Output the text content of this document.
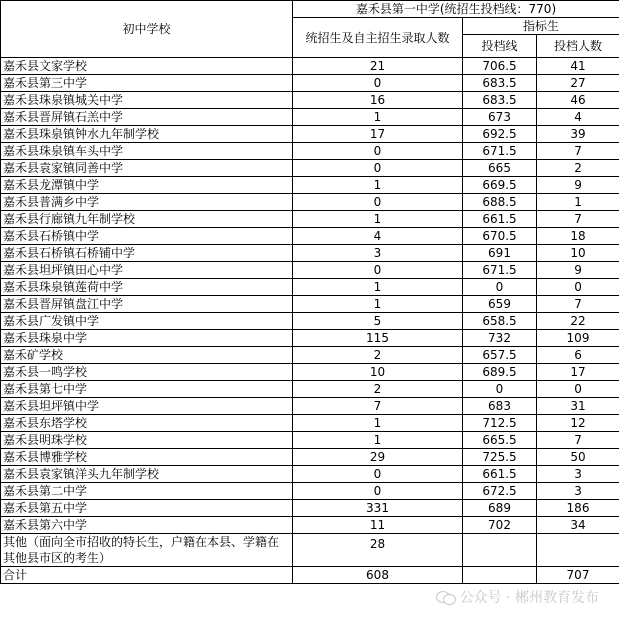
初中学校	嘉禾县第一中学(统招生投档线：770)		
	统招生及自主招生录取人数	指标生	
		投档线	投档人数
嘉禾县文家学校	21	706.5	41
嘉禾县第三中学	0	683.5	27
嘉禾县珠泉镇城关中学	16	683.5	46
嘉禾县晋屏镇石羔中学	1	673	4
嘉禾县珠泉镇钟水九年制学校	17	692.5	39
嘉禾县珠泉镇车头中学	0	671.5	7
嘉禾县袁家镇同善中学	0	665	2
嘉禾县龙潭镇中学	1	669.5	9
嘉禾县普满乡中学	0	688.5	1
嘉禾县行廊镇九年制学校	1	661.5	7
嘉禾县石桥镇中学	4	670.5	18
嘉禾县石桥镇石桥铺中学	3	691	10
嘉禾县坦坪镇田心中学	0	671.5	9
嘉禾县珠泉镇莲荷中学	1	0	0
嘉禾县晋屏镇盘江中学	1	659	7
嘉禾县广发镇中学	5	658.5	22
嘉禾县珠泉中学	115	732	109
嘉禾矿学校	2	657.5	6
嘉禾县一鸣学校	10	689.5	17
嘉禾县第七中学	2	0	0
嘉禾县坦坪镇中学	7	683	31
嘉禾县东塔学校	1	712.5	12
嘉禾县明珠学校	1	665.5	7
嘉禾县博雅学校	29	725.5	50
嘉禾县袁家镇洋头九年制学校	0	661.5	3
嘉禾县第二中学	0	672.5	3
嘉禾县第五中学	331	689	186
嘉禾县第六中学	11	702	34
其他（面向全市招收的特长生，户籍在本县、学籍在其他县市区的考生）	28		
合计	608		707
公众号 · 郴州教育发布
